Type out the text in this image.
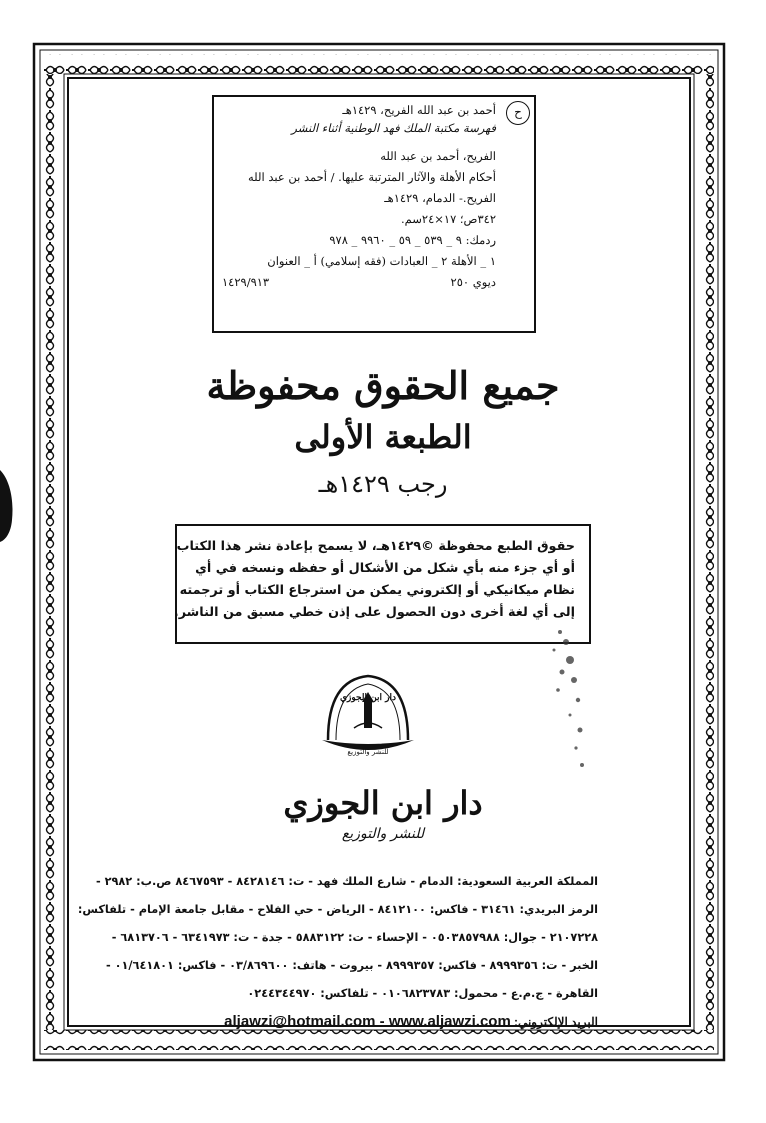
ح
أحمد بن عبد الله الفريح، ١٤٢٩هـ
فهرسة مكتبة الملك فهد الوطنية أثناء النشر
الفريح، أحمد بن عبد الله
أحكام الأهلة والآثار المترتبة عليها. / أحمد بن عبد الله
الفريح.- الدمام، ١٤٢٩هـ
٣٤٢ص؛ ١٧×٢٤سم.
ردمك: ٩ _ ٥٣٩ _ ٥٩ _ ٩٩٦٠ _ ٩٧٨
١ _ الأهلة ٢ _ العبادات (فقه إسلامي) أ _ العنوان
ديوي ٢٥٠
١٤٢٩/٩١٣
جميع الحقوق محفوظة
الطبعة الأولى
رجب ١٤٢٩هـ
حقوق الطبع محفوظة ©١٤٢٩هـ، لا يسمح بإعادة نشر هذا الكتاب
أو أي جزء منه بأي شكل من الأشكال أو حفظه ونسخه في أي
نظام ميكانيكي أو إلكتروني يمكن من استرجاع الكتاب أو ترجمته
إلى أي لغة أخرى دون الحصول على إذن خطي مسبق من الناشر.
دار ابن الجوزي
للنشر والتوزيع
دار ابن الجوزي
للنشر والتوزيع
المملكة العربية السعودية: الدمام - شارع الملك فهد - ت: ٨٤٢٨١٤٦ - ٨٤٦٧٥٩٣ ص.ب: ٢٩٨٢ -
الرمز البريدي: ٣١٤٦١ - فاكس: ٨٤١٢١٠٠ - الرياض - حي الفلاح - مقابل جامعة الإمام - تلفاكس:
٢١٠٧٢٢٨ - جوال: ٠٥٠٣٨٥٧٩٨٨ - الإحساء - ت: ٥٨٨٣١٢٢ - جدة - ت: ٦٣٤١٩٧٣ - ٦٨١٣٧٠٦ -
الخبر - ت: ٨٩٩٩٣٥٦ - فاكس: ٨٩٩٩٣٥٧ - بيروت - هاتف: ٠٣/٨٦٩٦٠٠ - فاكس: ٠١/٦٤١٨٠١ -
القاهرة - ج.م.ع - محمول: ٠١٠٦٨٢٣٧٨٣ - تلفاكس: ٠٢٤٤٣٤٤٩٧٠
البريد الإلكتروني: aljawzi@hotmail.com - www.aljawzi.com
